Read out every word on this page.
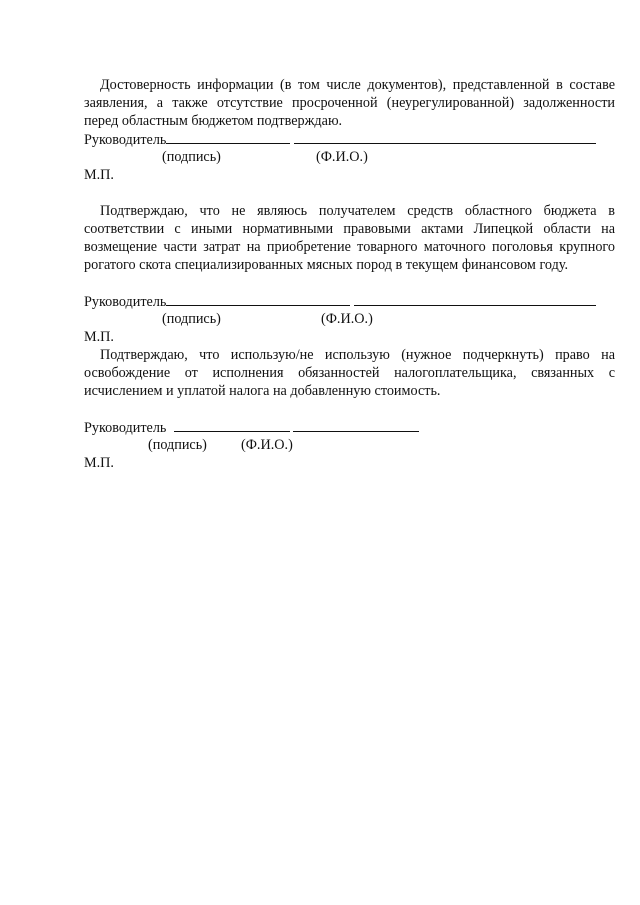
Достоверность информации (в том числе документов), представленной в составе заявления, а также отсутствие просроченной (неурегулированной) задолженности перед областным бюджетом подтверждаю.

Руководитель
(подпись)	(Ф.И.О.)
М.П.

Подтверждаю, что не являюсь получателем средств областного бюджета в соответствии с иными нормативными правовыми актами Липецкой области на возмещение части затрат на приобретение товарного маточного поголовья крупного рогатого скота специализированных мясных пород в текущем финансовом году.

Руководитель
(подпись)	(Ф.И.О.)
М.П.

Подтверждаю, что использую/не использую (нужное подчеркнуть) право на освобождение от исполнения обязанностей налогоплательщика, связанных с исчислением и уплатой налога на добавленную стоимость.

Руководитель
(подпись) (Ф.И.О.)
М.П.
